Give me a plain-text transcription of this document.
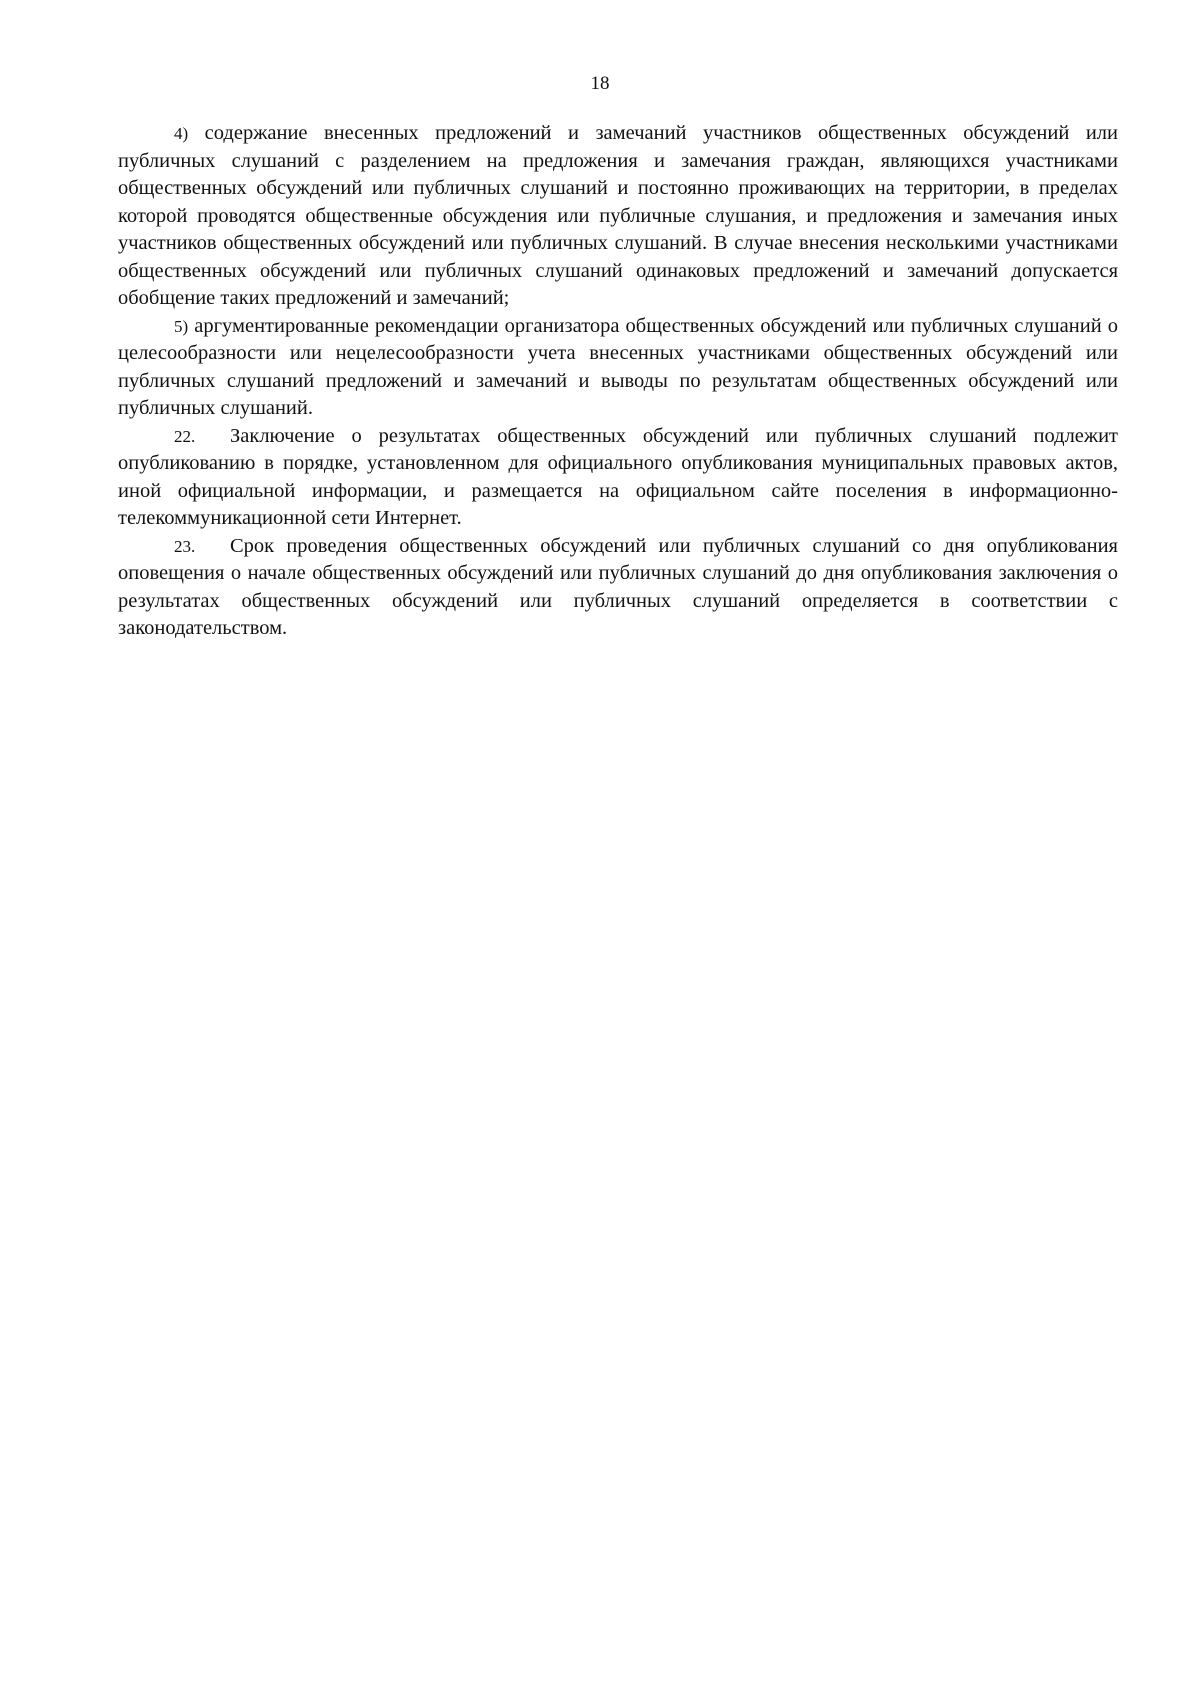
18

4) содержание внесенных предложений и замечаний участников общественных обсуждений или публичных слушаний с разделением на предложения и замечания граждан, являющихся участниками общественных обсуждений или публичных слушаний и постоянно проживающих на территории, в пределах которой проводятся общественные обсуждения или публичные слушания, и предложения и замечания иных участников общественных обсуждений или публичных слушаний. В случае внесения несколькими участниками общественных обсуждений или публичных слушаний одинаковых предложений и замечаний допускается обобщение таких предложений и замечаний;

5) аргументированные рекомендации организатора общественных обсуждений или публичных слушаний о целесообразности или нецелесообразности учета внесенных участниками общественных обсуждений или публичных слушаний предложений и замечаний и выводы по результатам общественных обсуждений или публичных слушаний.

22. Заключение о результатах общественных обсуждений или публичных слушаний подлежит опубликованию в порядке, установленном для официального опубликования муниципальных правовых актов, иной официальной информации, и размещается на официальном сайте поселения в информационно-телекоммуникационной сети Интернет.

23. Срок проведения общественных обсуждений или публичных слушаний со дня опубликования оповещения о начале общественных обсуждений или публичных слушаний до дня опубликования заключения о результатах общественных обсуждений или публичных слушаний определяется в соответствии с законодательством.
